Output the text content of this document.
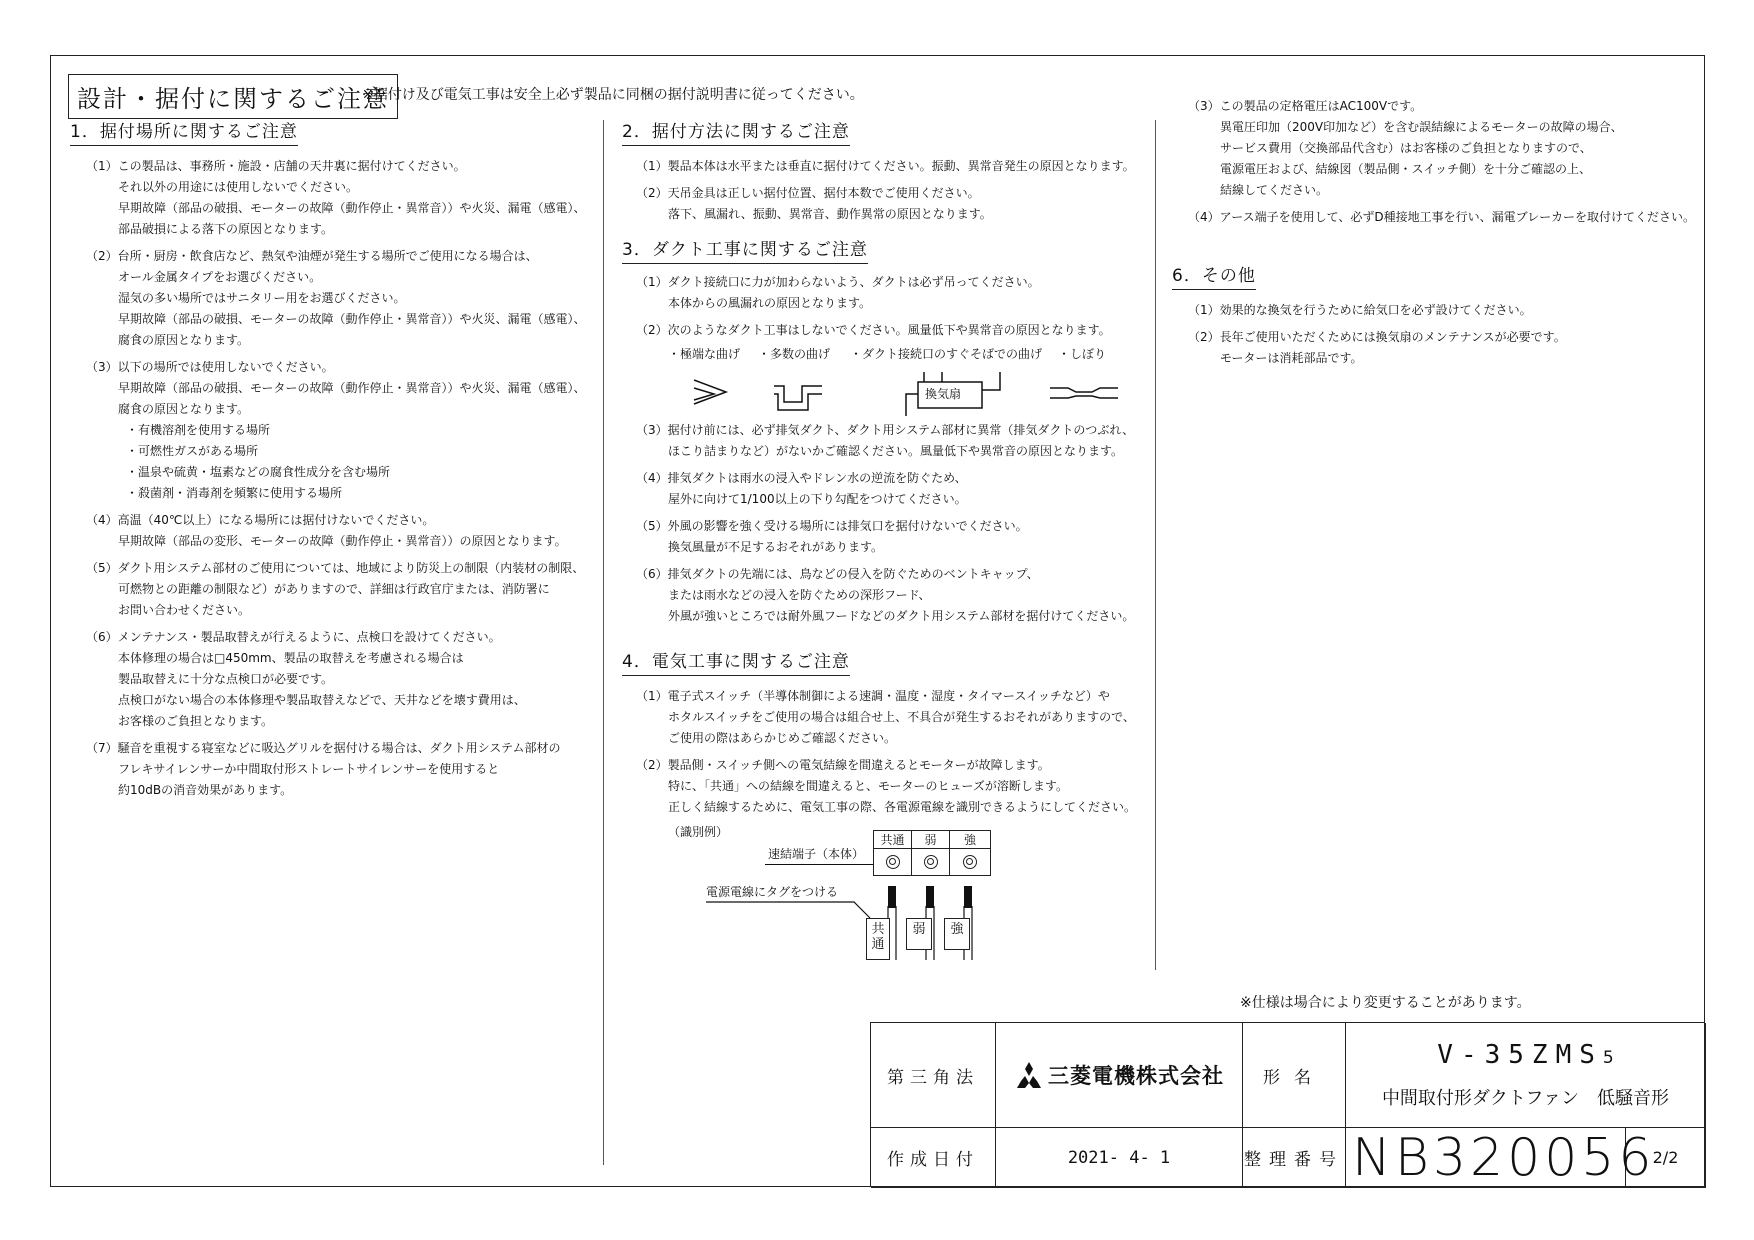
設計・据付に関するご注意
※据付け及び電気工事は安全上必ず製品に同梱の据付説明書に従ってください。
1．据付場所に関するご注意
（1）この製品は、事務所・施設・店舗の天井裏に据付けてください。
それ以外の用途には使用しないでください。
早期故障（部品の破損、モーターの故障（動作停止・異常音））や火災、漏電（感電）、
部品破損による落下の原因となります。
（2）台所・厨房・飲食店など、熱気や油煙が発生する場所でご使用になる場合は、
オール金属タイプをお選びください。
湿気の多い場所ではサニタリー用をお選びください。
早期故障（部品の破損、モーターの故障（動作停止・異常音））や火災、漏電（感電）、
腐食の原因となります。
（3）以下の場所では使用しないでください。
早期故障（部品の破損、モーターの故障（動作停止・異常音））や火災、漏電（感電）、
腐食の原因となります。
・有機溶剤を使用する場所
・可燃性ガスがある場所
・温泉や硫黄・塩素などの腐食性成分を含む場所
・殺菌剤・消毒剤を頻繁に使用する場所
（4）高温（40℃以上）になる場所には据付けないでください。
早期故障（部品の変形、モーターの故障（動作停止・異常音））の原因となります。
（5）ダクト用システム部材のご使用については、地域により防災上の制限（内装材の制限、
可燃物との距離の制限など）がありますので、詳細は行政官庁または、消防署に
お問い合わせください。
（6）メンテナンス・製品取替えが行えるように、点検口を設けてください。
本体修理の場合は□450mm、製品の取替えを考慮される場合は
製品取替えに十分な点検口が必要です。
点検口がない場合の本体修理や製品取替えなどで、天井などを壊す費用は、
お客様のご負担となります。
（7）騒音を重視する寝室などに吸込グリルを据付ける場合は、ダクト用システム部材の
フレキサイレンサーか中間取付形ストレートサイレンサーを使用すると
約10dBの消音効果があります。
2．据付方法に関するご注意
（1）製品本体は水平または垂直に据付けてください。振動、異常音発生の原因となります。
（2）天吊金具は正しい据付位置、据付本数でご使用ください。
落下、風漏れ、振動、異常音、動作異常の原因となります。
3．ダクト工事に関するご注意
（1）ダクト接続口に力が加わらないよう、ダクトは必ず吊ってください。
本体からの風漏れの原因となります。
（2）次のようなダクト工事はしないでください。風量低下や異常音の原因となります。
・極端な曲げ ・多数の曲げ ・ダクト接続口のすぐそばでの曲げ ・しぼり
換気扇
（3）据付け前には、必ず排気ダクト、ダクト用システム部材に異常（排気ダクトのつぶれ、
ほこり詰まりなど）がないかご確認ください。風量低下や異常音の原因となります。
（4）排気ダクトは雨水の浸入やドレン水の逆流を防ぐため、
屋外に向けて1/100以上の下り勾配をつけてください。
（5）外風の影響を強く受ける場所には排気口を据付けないでください。
換気風量が不足するおそれがあります。
（6）排気ダクトの先端には、鳥などの侵入を防ぐためのベントキャップ、
または雨水などの浸入を防ぐための深形フード、
外風が強いところでは耐外風フードなどのダクト用システム部材を据付けてください。
4．電気工事に関するご注意
（1）電子式スイッチ（半導体制御による速調・温度・湿度・タイマースイッチなど）や
ホタルスイッチをご使用の場合は組合せ上、不具合が発生するおそれがありますので、
ご使用の際はあらかじめご確認ください。
（2）製品側・スイッチ側への電気結線を間違えるとモーターが故障します。
特に、「共通」への結線を間違えると、モーターのヒューズが溶断します。
正しく結線するために、電気工事の際、各電源電線を識別できるようにしてください。
（識別例）
速結端子（本体）
共通	弱	強
電源電線にタグをつける
共通
弱	強
（3）この製品の定格電圧はAC100Vです。
異電圧印加（200V印加など）を含む誤結線によるモーターの故障の場合、
サービス費用（交換部品代含む）はお客様のご負担となりますので、
電源電圧および、結線図（製品側・スイッチ側）を十分ご確認の上、
結線してください。
（4）アース端子を使用して、必ずD種接地工事を行い、漏電ブレーカーを取付けてください。
6．その他
（1）効果的な換気を行うために給気口を必ず設けてください。
（2）長年ご使用いただくためには換気扇のメンテナンスが必要です。
モーターは消耗部品です。
※仕様は場合により変更することがあります。
第三角法	三菱電機株式会社	形名
V-35ZMS5
中間取付形ダクトファン　低騒音形
作成日付	2021- 4- 1	整理番号 NB320056
2/2
